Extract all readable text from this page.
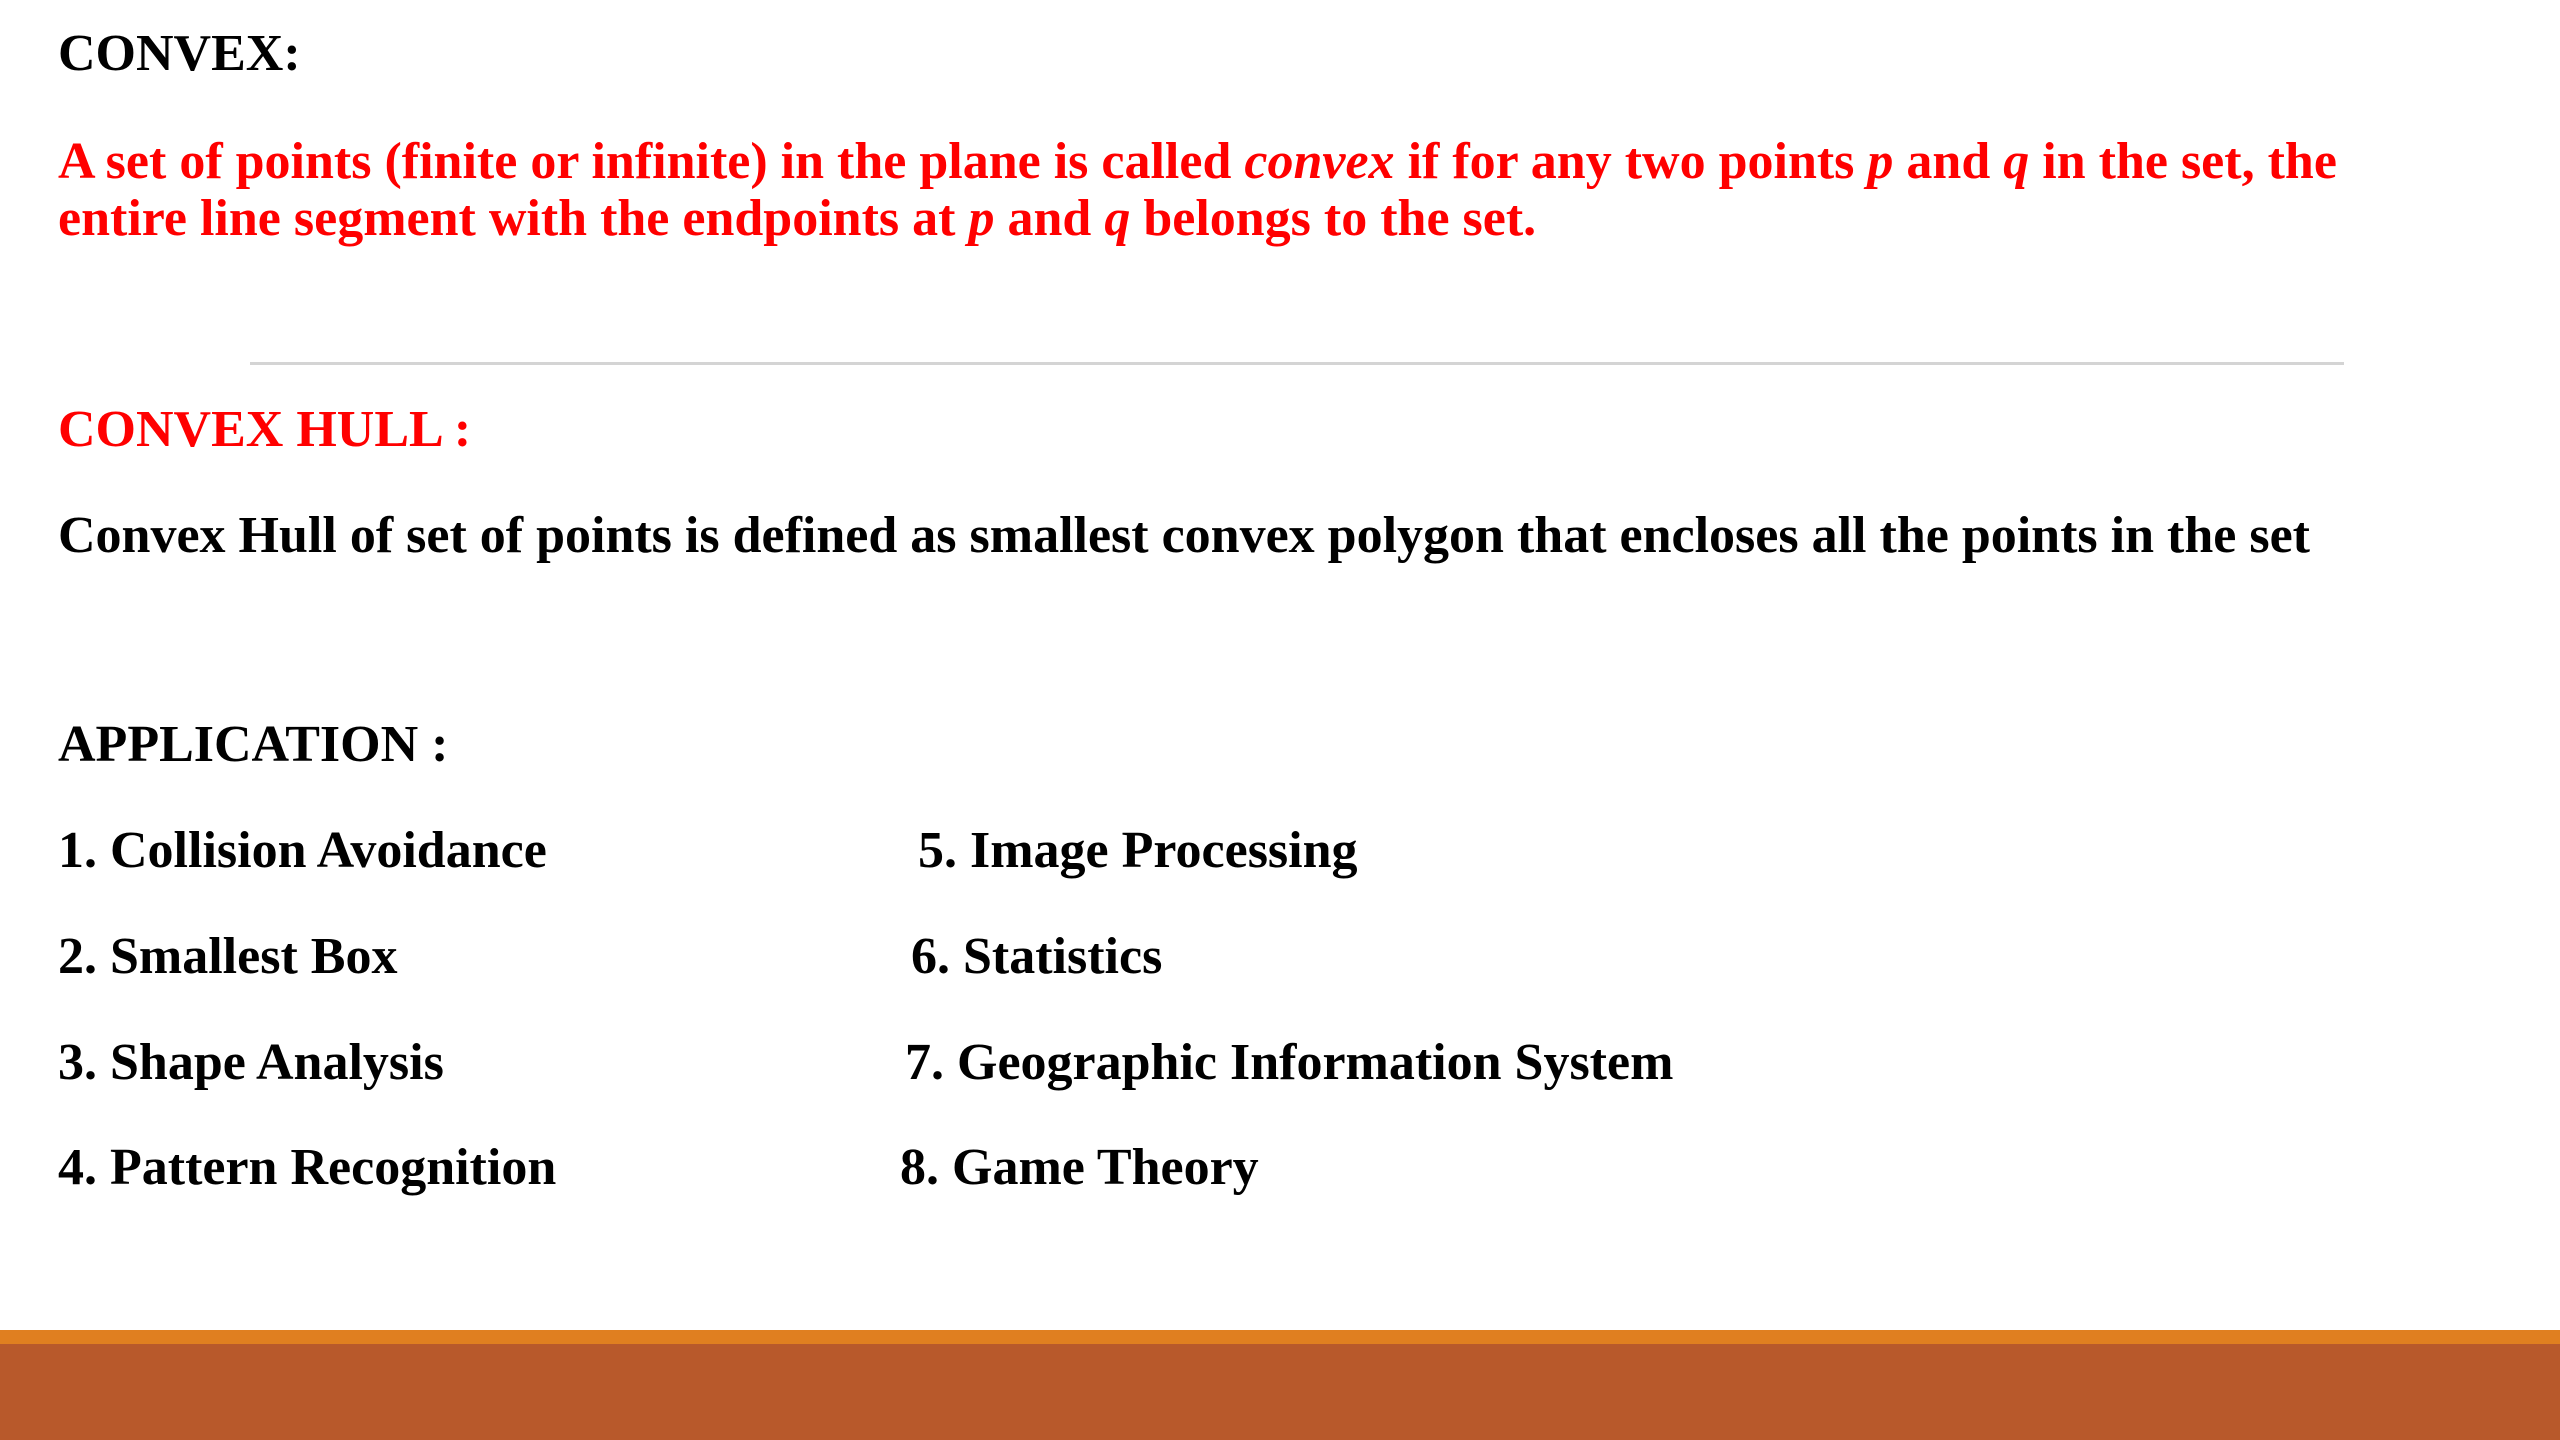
CONVEX:
A set of points (finite or infinite) in the plane is called convex if for any two points p and q in the set, the
entire line segment with the endpoints at p and q belongs to the set.
CONVEX HULL :
Convex Hull of set of points is defined as smallest convex polygon that encloses all the points in the set
APPLICATION :
1. Collision Avoidance
2. Smallest Box
3. Shape Analysis
4. Pattern Recognition
5. Image Processing
6. Statistics
7. Geographic Information System
8. Game Theory
